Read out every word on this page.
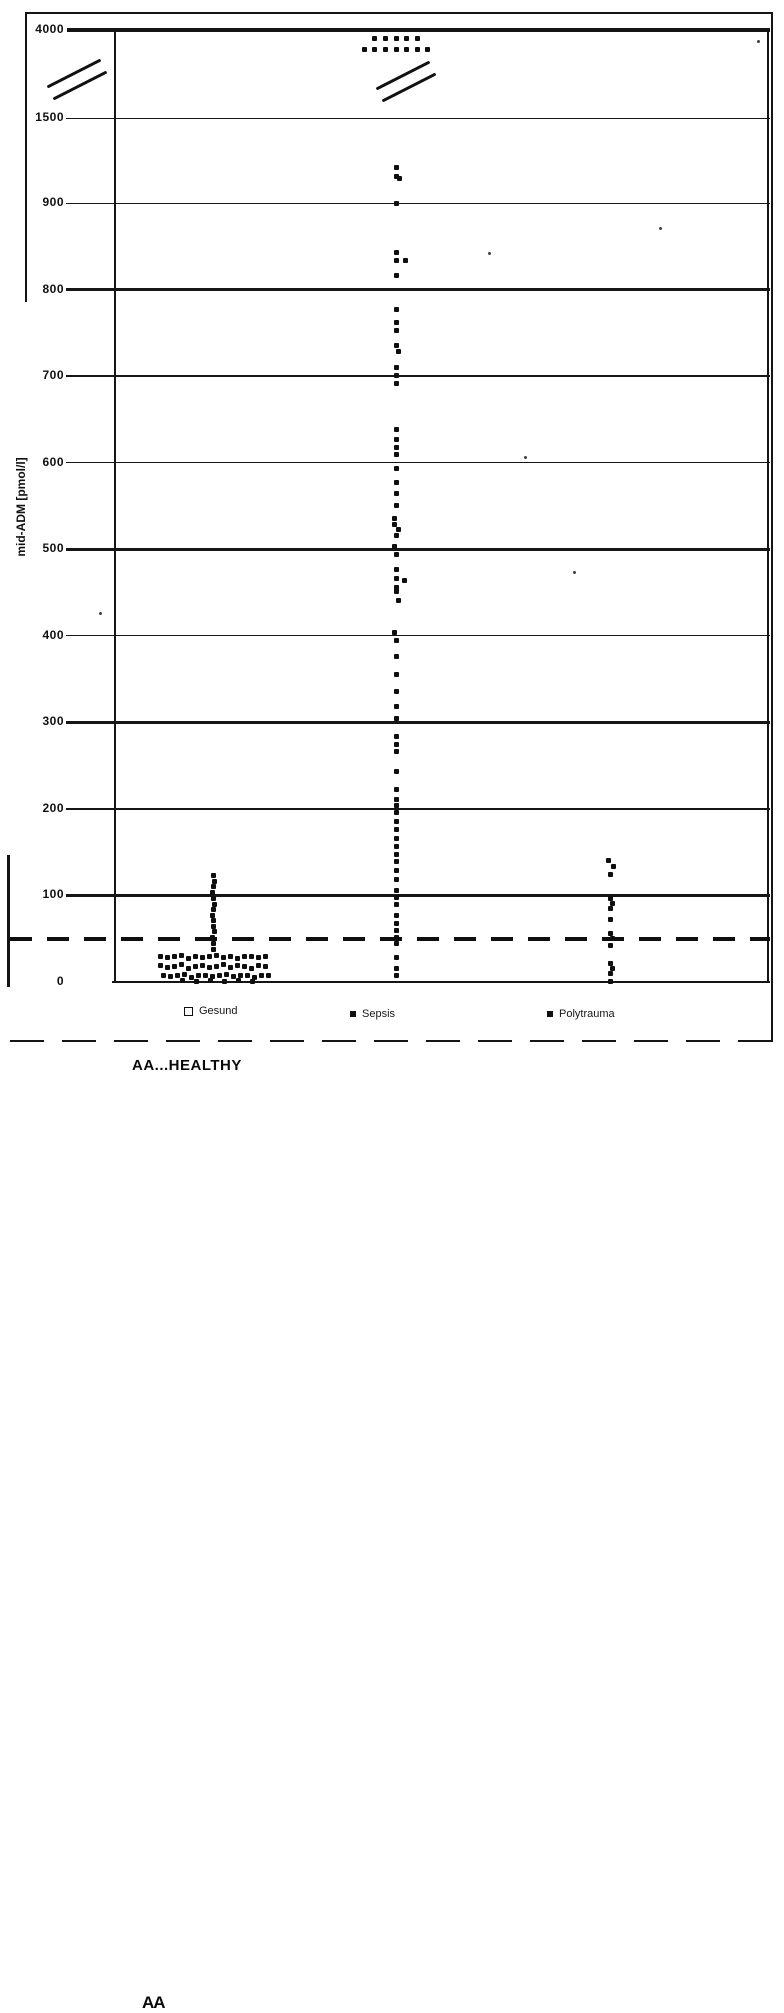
mid-ADM [pmol/l]
0
100
200
300
400
500
600
700
800
900
1500
4000
AA
Gesund	Sepsis	Polytrauma
AA...HEALTHY
